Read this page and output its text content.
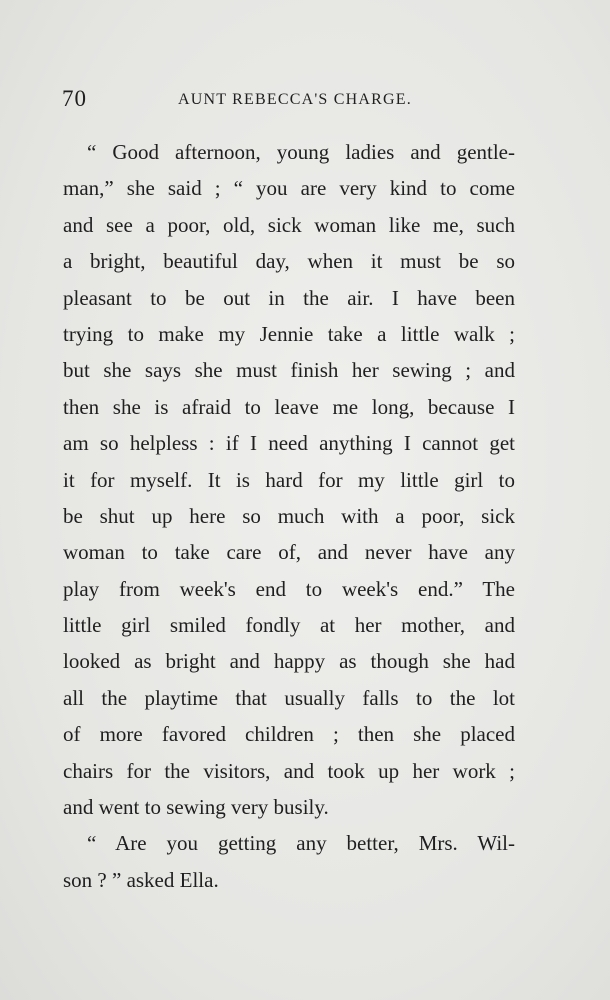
70	AUNT REBECCA'S CHARGE.
“ Good afternoon, young ladies and gentle-
man,” she said ; “ you are very kind to come
and see a poor, old, sick woman like me, such
a bright, beautiful day, when it must be so
pleasant to be out in the air. I have been
trying to make my Jennie take a little walk ;
but she says she must finish her sewing ; and
then she is afraid to leave me long, because I
am so helpless : if I need anything I cannot get
it for myself. It is hard for my little girl to
be shut up here so much with a poor, sick
woman to take care of, and never have any
play from week's end to week's end.” The
little girl smiled fondly at her mother, and
looked as bright and happy as though she had
all the playtime that usually falls to the lot
of more favored children ; then she placed
chairs for the visitors, and took up her work ;
and went to sewing very busily.
“ Are you getting any better, Mrs. Wil-
son ? ” asked Ella.
